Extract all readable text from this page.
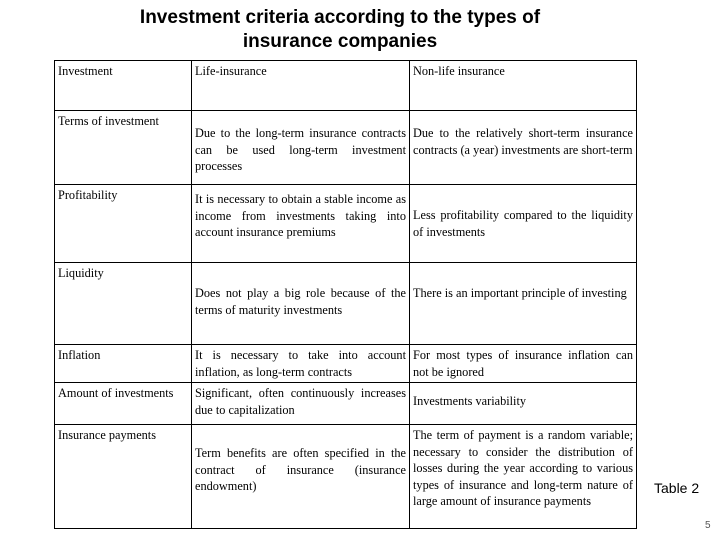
Investment criteria according to the types of
insurance companies
Investment	Life-insurance	Non-life insurance
Terms of investment	Due to the long-term insurance contracts can be used long-term investment processes	Due to the relatively short-term insurance contracts (a year) investments are short-term
Profitability	It is necessary to obtain a stable income as income from investments taking into account insurance premiums	Less profitability compared to the liquidity of investments
Liquidity	Does not play a big role because of the terms of maturity investments	There is an important principle of investing
Inflation	It is necessary to take into account inflation, as long-term contracts	For most types of insurance inflation can not be ignored
Amount of investments	Significant, often continuously increases due to capitalization	Investments variability
Insurance payments	Term benefits are often specified in the contract of insurance (insurance endowment)	The term of payment is a random variable; necessary to consider the distribution of losses during the year according to various types of insurance and long-term nature of large amount of insurance payments
Table 2
5
